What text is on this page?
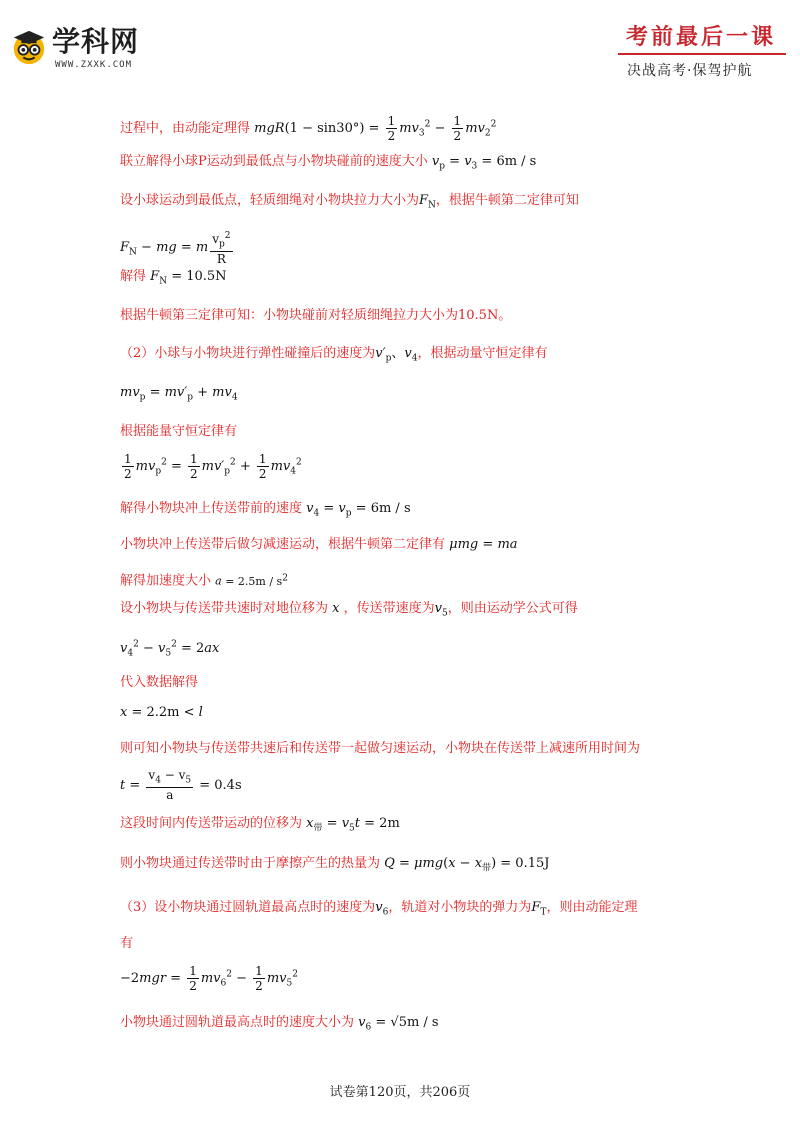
学科网
WWW.ZXXK.COM
考前最后一课
决战高考·保驾护航
过程中，由动能定理得 $mgR(1 - \sin 30^\circ) = \frac{1}{2} mv_3^2 - \frac{1}{2} mv_2^2$
联立解得小球P运动到最低点与小物块碰前的速度大小 $v_p = v_3 = 6m / s$
设小球运动到最低点，轻质细绳对小物块拉力大小为$F_N$，根据牛顿第二定律可知
$F_N$ − mg = m $\frac{v_p^2}{R}$
解得 $F_N = 10.5N$
根据牛顿第三定律可知：小物块碰前对轻质细绳拉力大小为10.5N。
（2）小球与小物块进行弹性碰撞后的速度为$v'_p$、$v_4$，根据动量守恒定律有
$mv_p = mv'_p + mv_4$
根据能量守恒定律有
$\frac{1}{2} mv_p^2 = \frac{1}{2} mv'_p^2 + \frac{1}{2} mv_4^2$
解得小物块冲上传送带前的速度 $v_4 = v_p = 6m / s$
小物块冲上传送带后做匀减速运动，根据牛顿第二定律有 μmg = ma
解得加速度大小 $a = 2.5m / s^2$
设小物块与传送带共速时对地位移为 x ，传送带速度为$v_5$，则由运动学公式可得
$v_4^2 - v_5^2 = 2ax$
代入数据解得
x = 2.2m < l
则可知小物块与传送带共速后和传送带一起做匀速运动，小物块在传送带上减速所用时间为
$t = \frac{v_4 - v_5}{a} = 0.4s$
这段时间内传送带运动的位移为 $x_带 = v_5t = 2m$
则小物块通过传送带时由于摩擦产生的热量为 $Q = \mu mg(x - x_带) = 0.15J$
（3）设小物块通过圆轨道最高点时的速度为$v_6$，轨道对小物块的弹力为$F_T$，则由动能定理
有
$-2mgr = \frac{1}{2} mv_6^2 - \frac{1}{2} mv_5^2$
小物块通过圆轨道最高点时的速度大小为 $v_6 = √5m / s$
试卷第120页，共206页
